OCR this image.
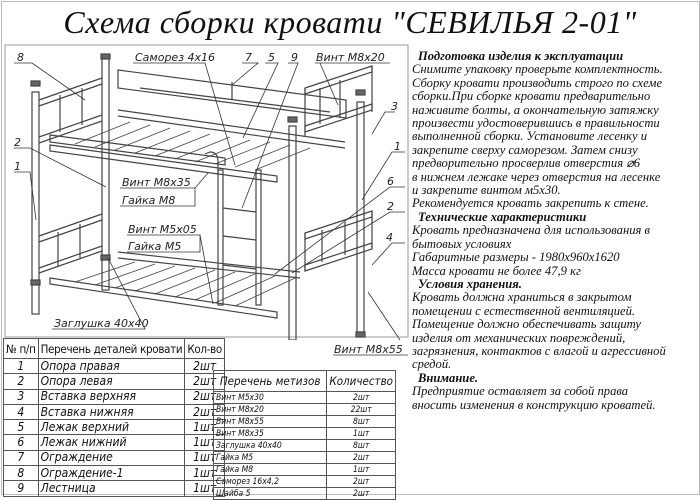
Схема сборки кровати "СЕВИЛЬЯ 2-01"
Саморез 4х16	7 5 9 Винт М8х20
8
3
2
1
Винт М8х35
Гайка М8
1
6
2
Винт М5х05
Гайка М5
4
Заглушка 40х40
Винт М8х55
Подготовка изделия к эксплуатации
Снимите упаковку проверьте комплектность.
Сборку кровати производить строго по схеме
сборки.При сборке кровати предварительно
наживите болты, а окончательную затяжку
произвести удостоверившись в правильности
выполненной сборки. Установите лесенку и
закрепите сверху саморезом. Затем снизу
предворительно просверлив отверстия ⌀6
в нижнем лежаке через отверстия на лесенке
и закрепите винтом м5х30.
Рекомендуется кровать закрепить к стене.
Технические характеристики
Кровать предназначена для использования в
бытовых условиях
Габаритные размеры - 1980х960х1620
Масса кровати не более 47,9 кг
Условия хранения.
Кровать должна храниться в закрытом
помещении с естественной вентиляцией.
Помещение должно обеспечивать защиту
изделия от механических повреждений,
загрязнения, контактов с влагой и агрессивной
средой.
Внимание.
Предприятие оставляет за собой права
вносить изменения в конструкцию кроватей.
№ п/п	Перечень деталей кровати	Кол-во
1	Опора правая	2шт
2	Опора левая	2шт
3	Вставка верхняя	2шт
4	Вставка нижняя	2шт
5	Лежак верхний	1шт
6	Лежак нижний	1шт
7	Ограждение	1шт
8	Ограждение-1	1шт
9	Лестница	1шт
Перечень метизов	Количество
Винт М5х30	2шт
Винт М8х20	22шт
Винт М8х55	8шт
Винт М8х35	1шт
Заглушка 40х40	8шт
Гайка М5	2шт
Гайка М8	1шт
Саморез 16х4,2	2шт
Шайба 5	2шт
